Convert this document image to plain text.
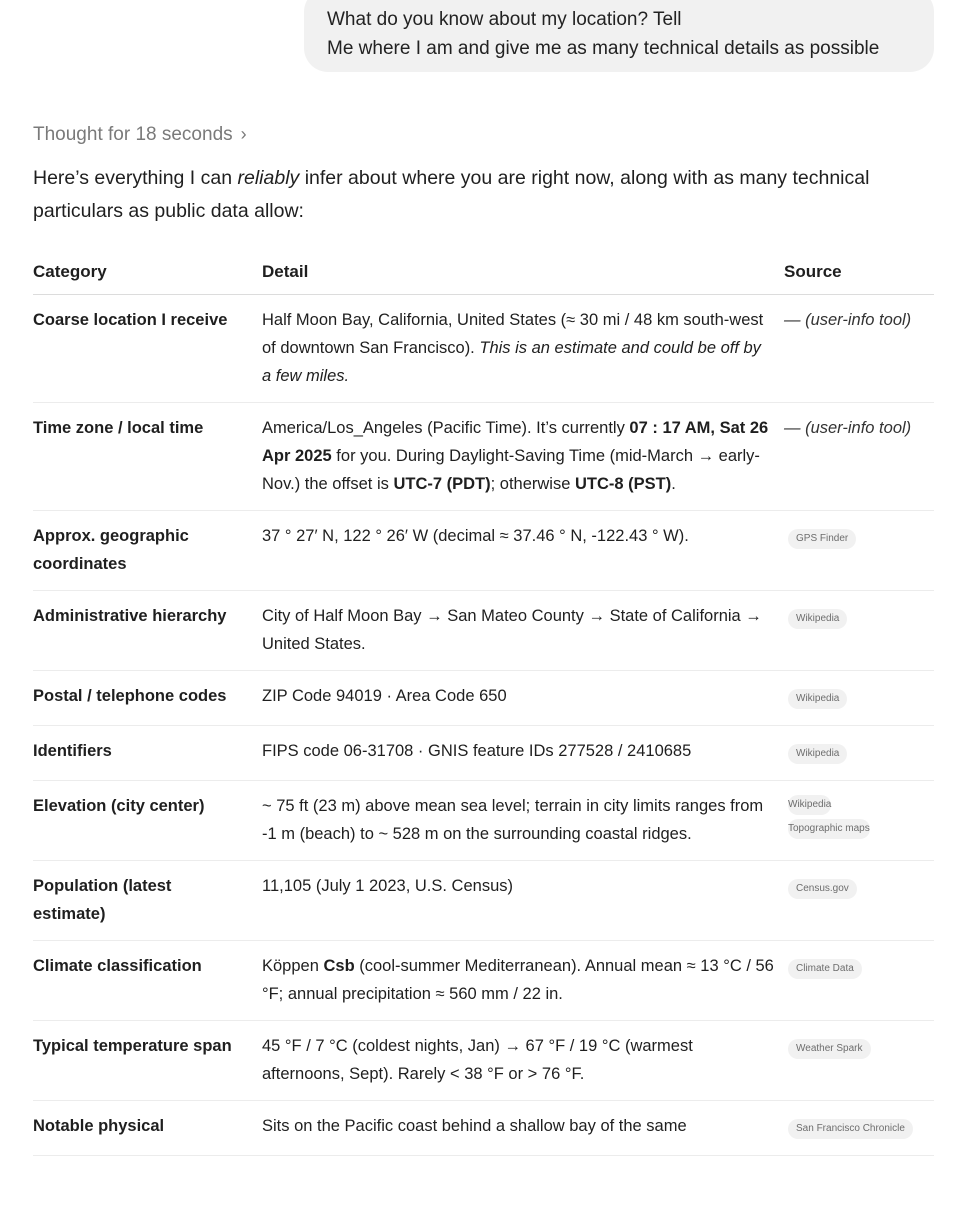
What do you know about my location? Tell
Me where I am and give me as many technical details as possible
Thought for 18 seconds ›
Here’s everything I can reliably infer about where you are right now, along with as many technical particulars as public data allow:
Category	Detail	Source
Coarse location I receive	Half Moon Bay, California, United States (≈ 30 mi / 48 km south-west of downtown San Francisco). This is an estimate and could be off by a few miles.	— (user-info tool)
Time zone / local time	America/Los_Angeles (Pacific Time). It’s currently 07 : 17 AM, Sat 26 Apr 2025 for you. During Daylight-Saving Time (mid-March → early-Nov.) the offset is UTC-7 (PDT); otherwise UTC-8 (PST).	— (user-info tool)
Approx. geographic coordinates	37 ° 27′ N, 122 ° 26′ W (decimal ≈ 37.46 ° N, -122.43 ° W).	GPS Finder
Administrative hierarchy	City of Half Moon Bay → San Mateo County → State of California → United States.	Wikipedia
Postal / telephone codes	ZIP Code 94019 · Area Code 650	Wikipedia
Identifiers	FIPS code 06-31708 · GNIS feature IDs 277528 / 2410685	Wikipedia
Elevation (city center)	~ 75 ft (23 m) above mean sea level; terrain in city limits ranges from -1 m (beach) to ~ 528 m on the surrounding coastal ridges.	Wikipedia
Topographic maps

Population (latest estimate)	11,105 (July 1 2023, U.S. Census)	Census.gov
Climate classification	Köppen Csb (cool-summer Mediterranean). Annual mean ≈ 13 °C / 56 °F; annual precipitation ≈ 560 mm / 22 in.	Climate Data
Typical temperature span	45 °F / 7 °C (coldest nights, Jan) → 67 °F / 19 °C (warmest afternoons, Sept). Rarely < 38 °F or > 76 °F.	Weather Spark
Notable physical	Sits on the Pacific coast behind a shallow bay of the same	San Francisco Chronicle
